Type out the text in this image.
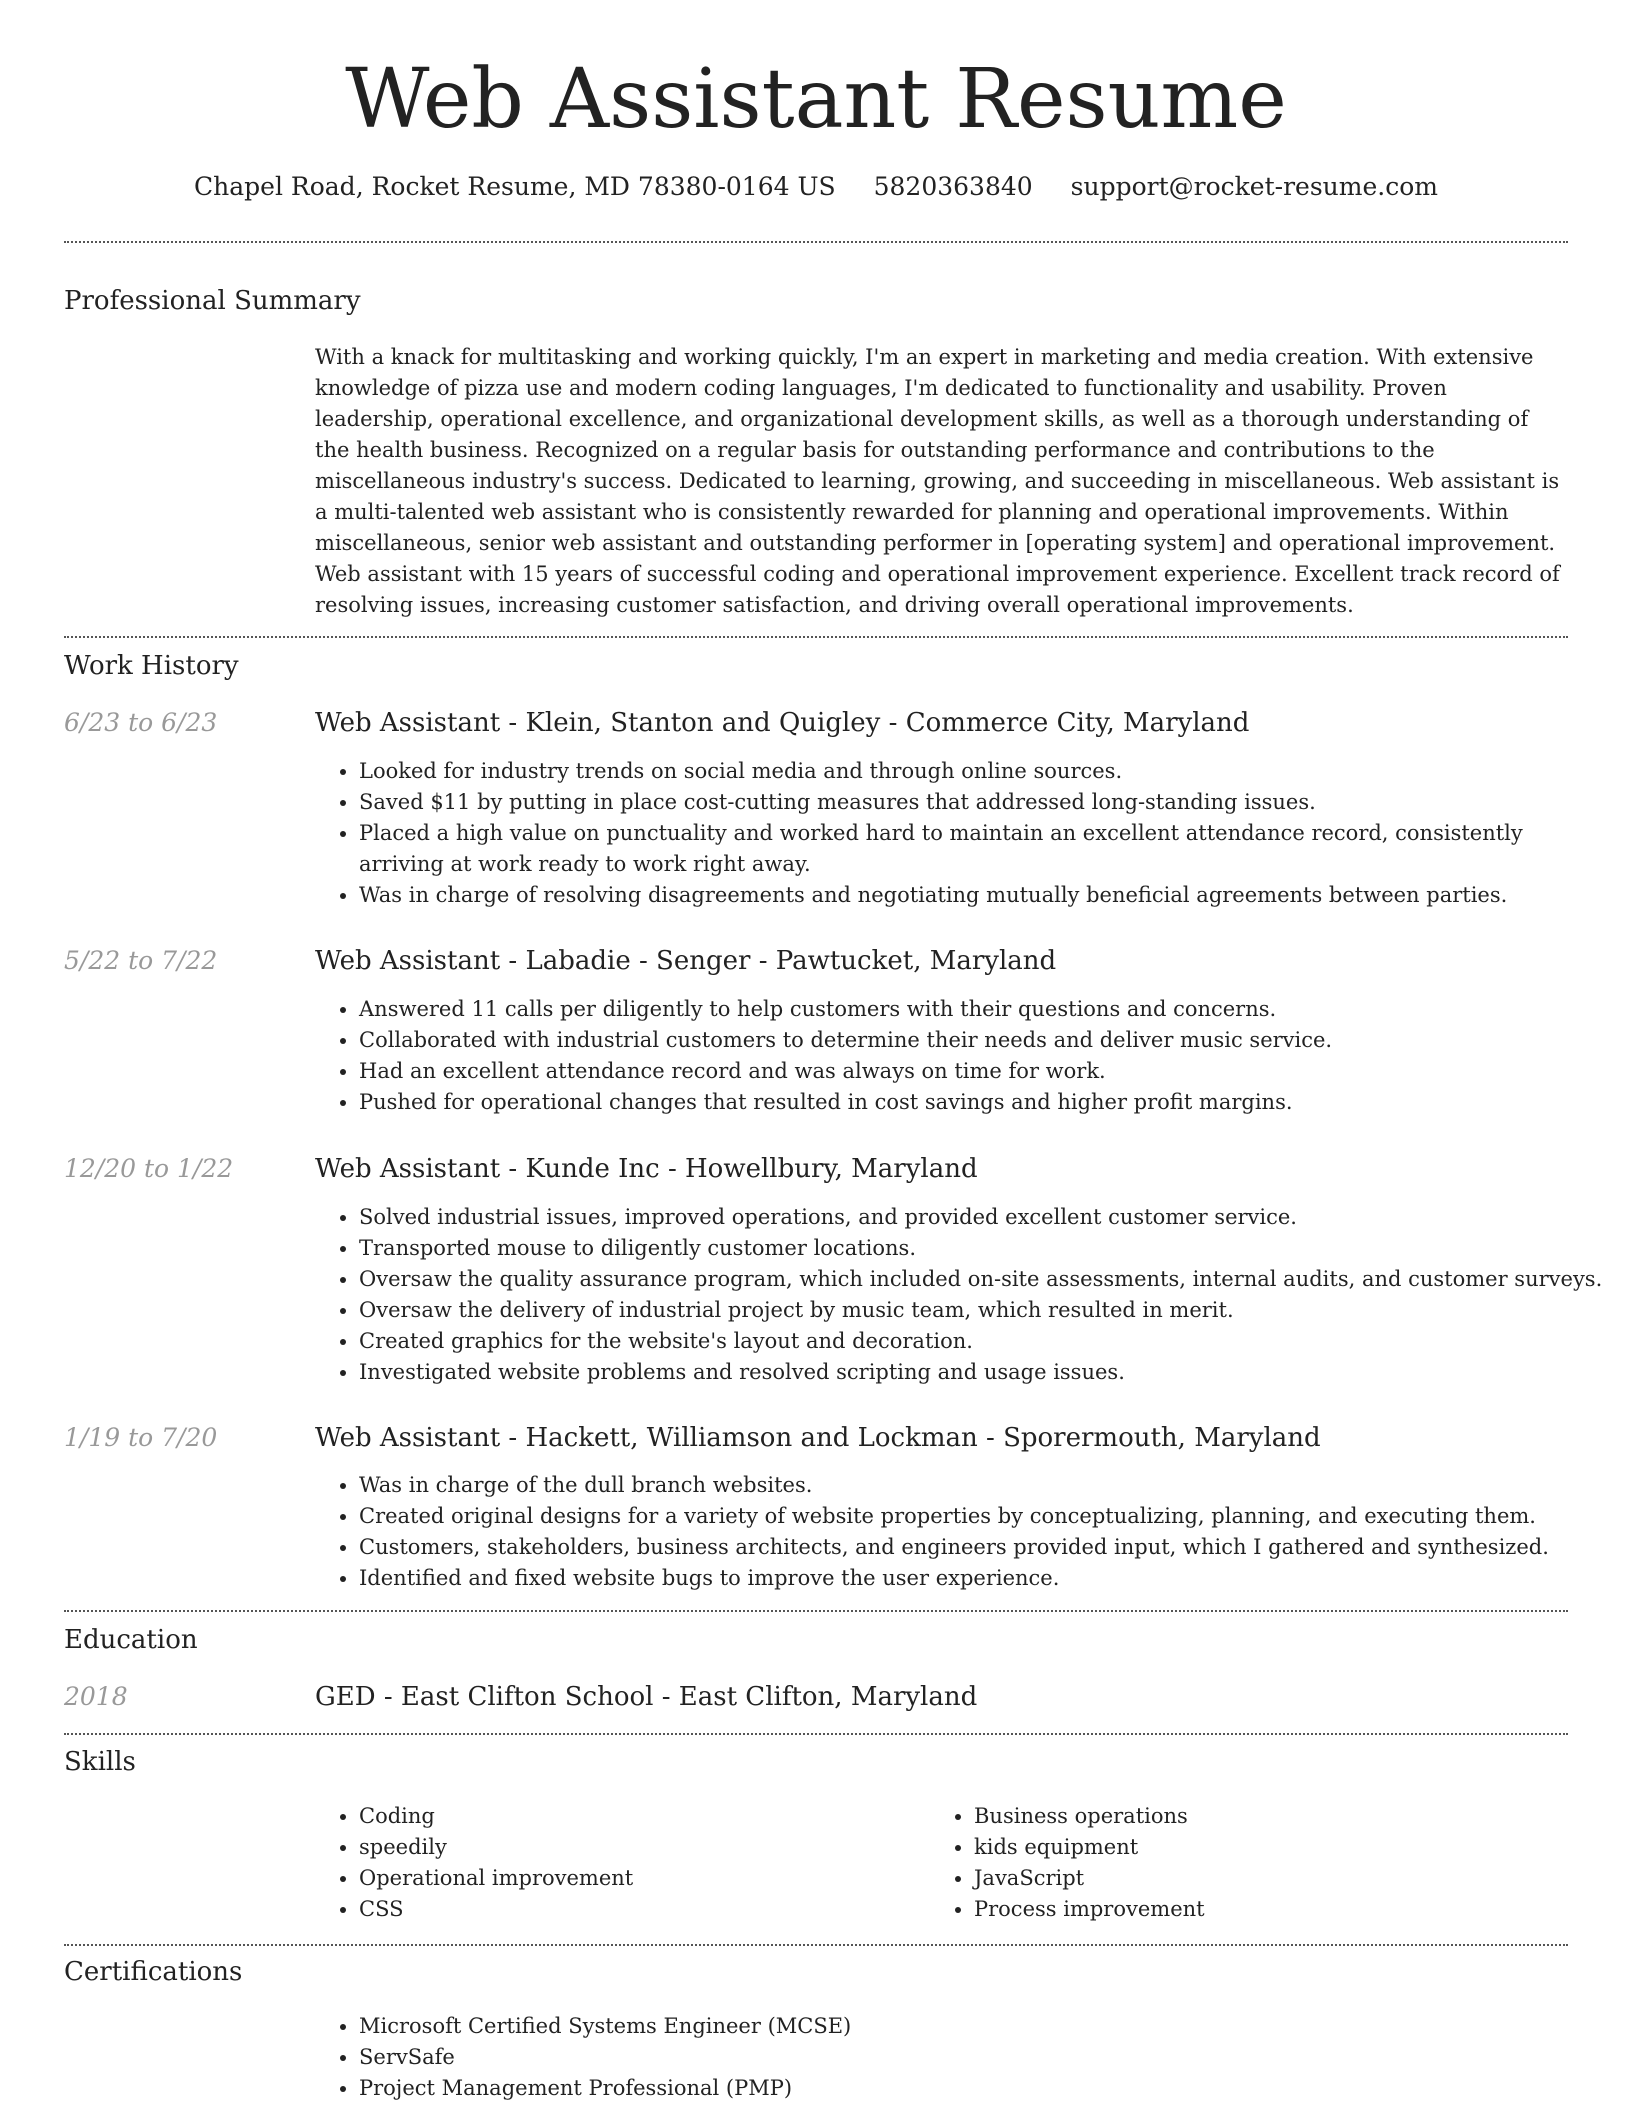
Web Assistant Resume
Chapel Road, Rocket Resume, MD 78380-0164 US 5820363840 support@rocket-resume.com
Professional Summary

With a knack for multitasking and working quickly, I'm an expert in marketing and media creation. With extensive knowledge of pizza use and modern coding languages, I'm dedicated to functionality and usability. Proven leadership, operational excellence, and organizational development skills, as well as a thorough understanding of the health business. Recognized on a regular basis for outstanding performance and contributions to the miscellaneous industry's success. Dedicated to learning, growing, and succeeding in miscellaneous. Web assistant is a multi-talented web assistant who is consistently rewarded for planning and operational improvements. Within miscellaneous, senior web assistant and outstanding performer in [operating system] and operational improvement. Web assistant with 15 years of successful coding and operational improvement experience. Excellent track record of resolving issues, increasing customer satisfaction, and driving overall operational improvements.

Work History
6/23 to 6/23	Web Assistant - Klein, Stanton and Quigley - Commerce City, Maryland
• Looked for industry trends on social media and through online sources.
• Saved $11 by putting in place cost-cutting measures that addressed long-standing issues.
• Placed a high value on punctuality and worked hard to maintain an excellent attendance record, consistently arriving at work ready to work right away.
• Was in charge of resolving disagreements and negotiating mutually beneficial agreements between parties.
5/22 to 7/22	Web Assistant - Labadie - Senger - Pawtucket, Maryland
• Answered 11 calls per diligently to help customers with their questions and concerns.
• Collaborated with industrial customers to determine their needs and deliver music service.
• Had an excellent attendance record and was always on time for work.
• Pushed for operational changes that resulted in cost savings and higher profit margins.
12/20 to 1/22	Web Assistant - Kunde Inc - Howellbury, Maryland
• Solved industrial issues, improved operations, and provided excellent customer service.
• Transported mouse to diligently customer locations.
• Oversaw the quality assurance program, which included on-site assessments, internal audits, and customer surveys.
• Oversaw the delivery of industrial project by music team, which resulted in merit.
• Created graphics for the website's layout and decoration.
• Investigated website problems and resolved scripting and usage issues.
1/19 to 7/20	Web Assistant - Hackett, Williamson and Lockman - Sporermouth, Maryland
• Was in charge of the dull branch websites.
• Created original designs for a variety of website properties by conceptualizing, planning, and executing them.
• Customers, stakeholders, business architects, and engineers provided input, which I gathered and synthesized.
• Identified and fixed website bugs to improve the user experience.
Education
2018	GED - East Clifton School - East Clifton, Maryland
Skills
• Coding
• speedily
• Operational improvement
• CSS
• Business operations
• kids equipment
• JavaScript
• Process improvement
Certifications
• Microsoft Certified Systems Engineer (MCSE)
• ServSafe
• Project Management Professional (PMP)
